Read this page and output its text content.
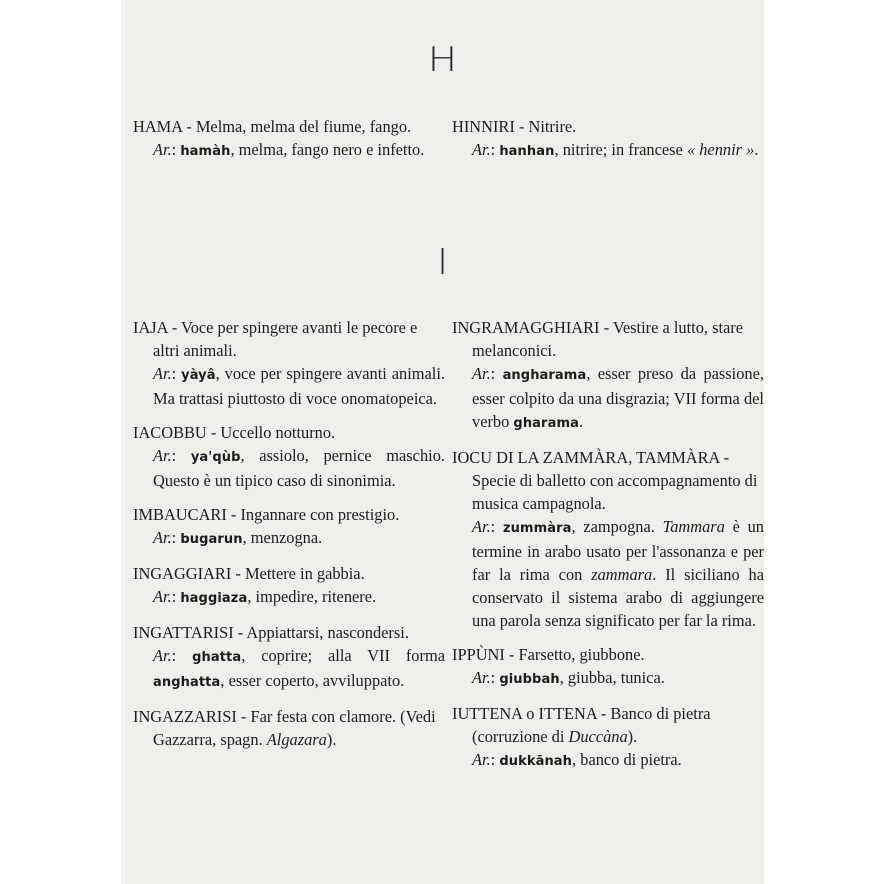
H
HAMA - Melma, melma del fiume, fango.
Ar.: hamàh, melma, fango nero e infetto.
HINNIRI - Nitrire.
Ar.: hanhan, nitrire; in francese « hennir ».
I
IAJA - Voce per spingere avanti le pecore e altri animali.
Ar.: yàyâ, voce per spingere avanti animali. Ma trattasi piuttosto di voce onomatopeica.
IACOBBU - Uccello notturno.
Ar.: ya'qùb, assiolo, pernice maschio. Questo è un tipico caso di sinonimia.
IMBAUCARI - Ingannare con prestigio.
Ar.: bugarun, menzogna.
INGAGGIARI - Mettere in gabbia.
Ar.: haggiaza, impedire, ritenere.
INGATTARISI - Appiattarsi, nascondersi.
Ar.: ghatta, coprire; alla VII forma anghatta, esser coperto, avviluppato.
INGAZZARISI - Far festa con clamore. (Vedi Gazzarra, spagn. Algazara).
INGRAMAGGHIARI - Vestire a lutto, stare melanconici.
Ar.: angharama, esser preso da passione, esser colpito da una disgrazia; VII forma del verbo gharama.
IOCU DI LA ZAMMÀRA, TAMMÀRA - Specie di balletto con accompagnamento di musica campagnola.
Ar.: zummàra, zampogna. Tammara è un termine in arabo usato per l'assonanza e per far la rima con zammara. Il siciliano ha conservato il sistema arabo di aggiungere una parola senza significato per far la rima.
IPPÙNI - Farsetto, giubbone.
Ar.: giubbah, giubba, tunica.
IUTTENA o ITTENA - Banco di pietra (corruzione di Duccàna).
Ar.: dukkānah, banco di pietra.
